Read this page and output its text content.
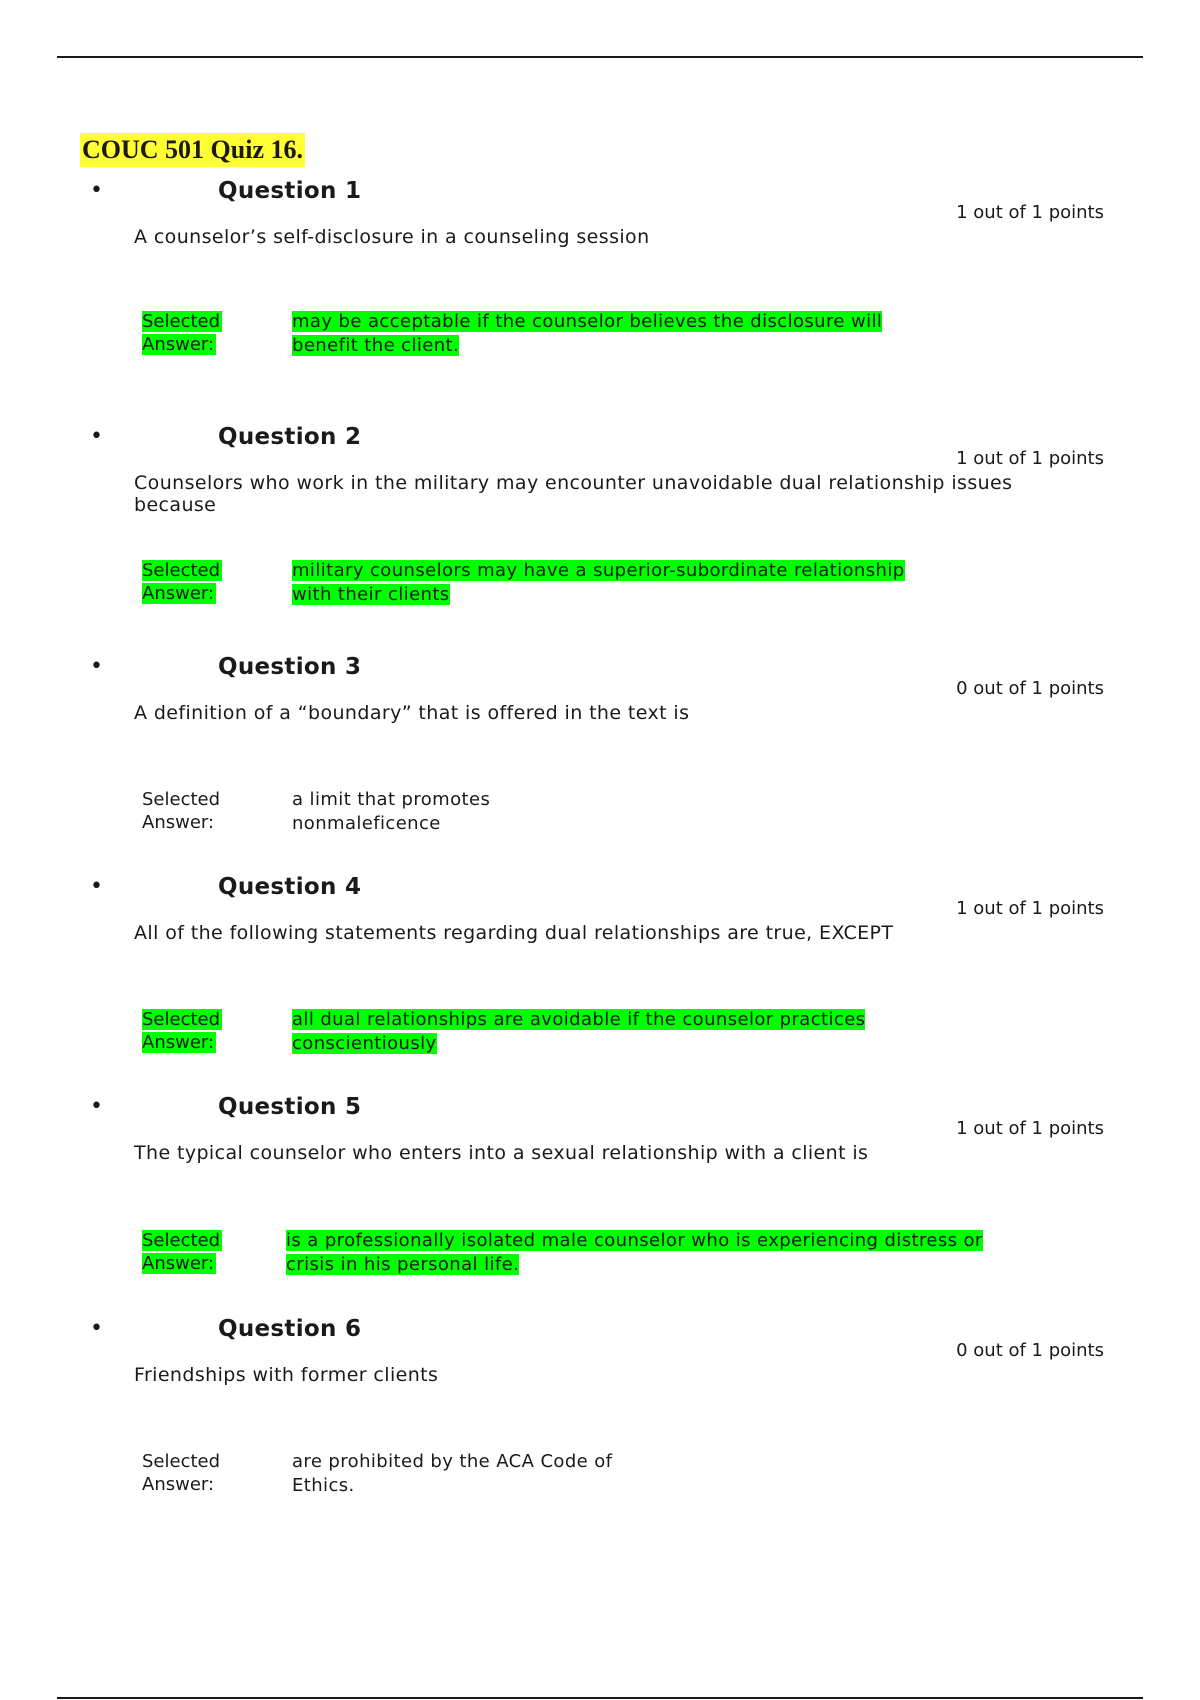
COUC 501 Quiz 16.
•	Question 1
1 out of 1 points
A counselor’s self-disclosure in a counseling session
Selected
Answer:
may be acceptable if the counselor believes the disclosure will
benefit the client.
•	Question 2
1 out of 1 points
Counselors who work in the military may encounter unavoidable dual relationship issues
because
Selected
Answer:
military counselors may have a superior-subordinate relationship
with their clients
•	Question 3
0 out of 1 points
A definition of a “boundary” that is offered in the text is
Selected
Answer:
a limit that promotes
nonmaleficence
•	Question 4
1 out of 1 points
All of the following statements regarding dual relationships are true, EXCEPT
Selected
Answer:
all dual relationships are avoidable if the counselor practices
conscientiously
•	Question 5
1 out of 1 points
The typical counselor who enters into a sexual relationship with a client is
Selected
Answer:
is a professionally isolated male counselor who is experiencing distress or
crisis in his personal life.
•	Question 6
0 out of 1 points
Friendships with former clients
Selected
Answer:
are prohibited by the ACA Code of
Ethics.
